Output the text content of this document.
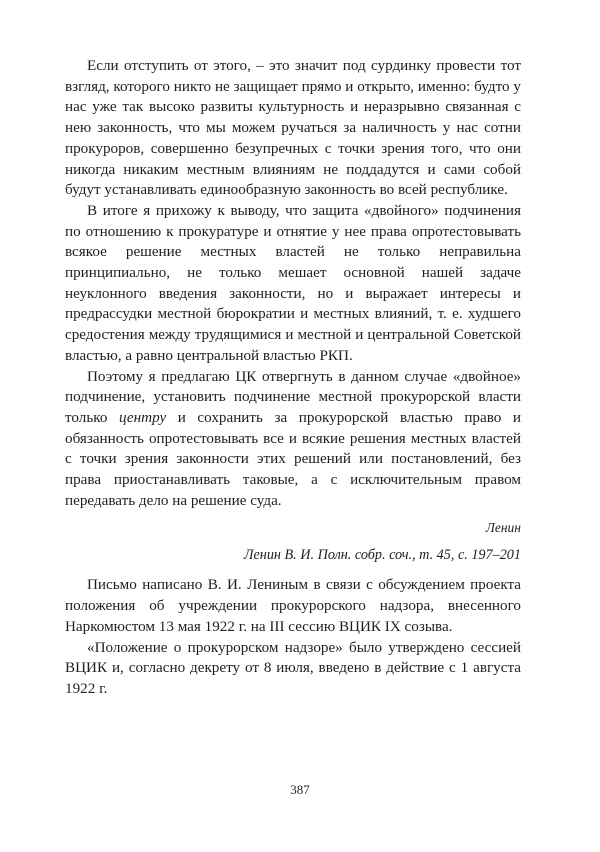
Если отступить от этого, – это значит под сурдинку провести тот взгляд, которого никто не защищает прямо и открыто, именно: будто у нас уже так высоко развиты культурность и неразрывно связанная с нею законность, что мы можем ручаться за наличность у нас сотни прокуроров, совершенно безупречных с точки зрения того, что они никогда никаким местным влияниям не поддадутся и сами собой будут устанавливать единообразную законность во всей республике.

В итоге я прихожу к выводу, что защита «двойного» подчинения по отношению к прокуратуре и отнятие у нее права опротестовывать всякое решение местных властей не только неправильна принципиально, не только мешает основной нашей задаче неуклонного введения законности, но и выражает интересы и предрассудки местной бюрократии и местных влияний, т. е. худшего средостения между трудящимися и местной и центральной Советской властью, а равно центральной властью РКП.

Поэтому я предлагаю ЦК отвергнуть в данном случае «двойное» подчинение, установить подчинение местной прокурорской власти только центру и сохранить за прокурорской властью право и обязанность опротестовывать все и всякие решения местных властей с точки зрения законности этих решений или постановлений, без права приостанавливать таковые, а с исключительным правом передавать дело на решение суда.

Ленин

Ленин В. И. Полн. собр. соч., т. 45, с. 197–201

Письмо написано В. И. Лениным в связи с обсуждением проекта положения об учреждении прокурорского надзора, внесенного Наркомюстом 13 мая 1922 г. на III сессию ВЦИК IX созыва.

«Положение о прокурорском надзоре» было утверждено сессией ВЦИК и, согласно декрету от 8 июля, введено в действие с 1 августа 1922 г.

387
